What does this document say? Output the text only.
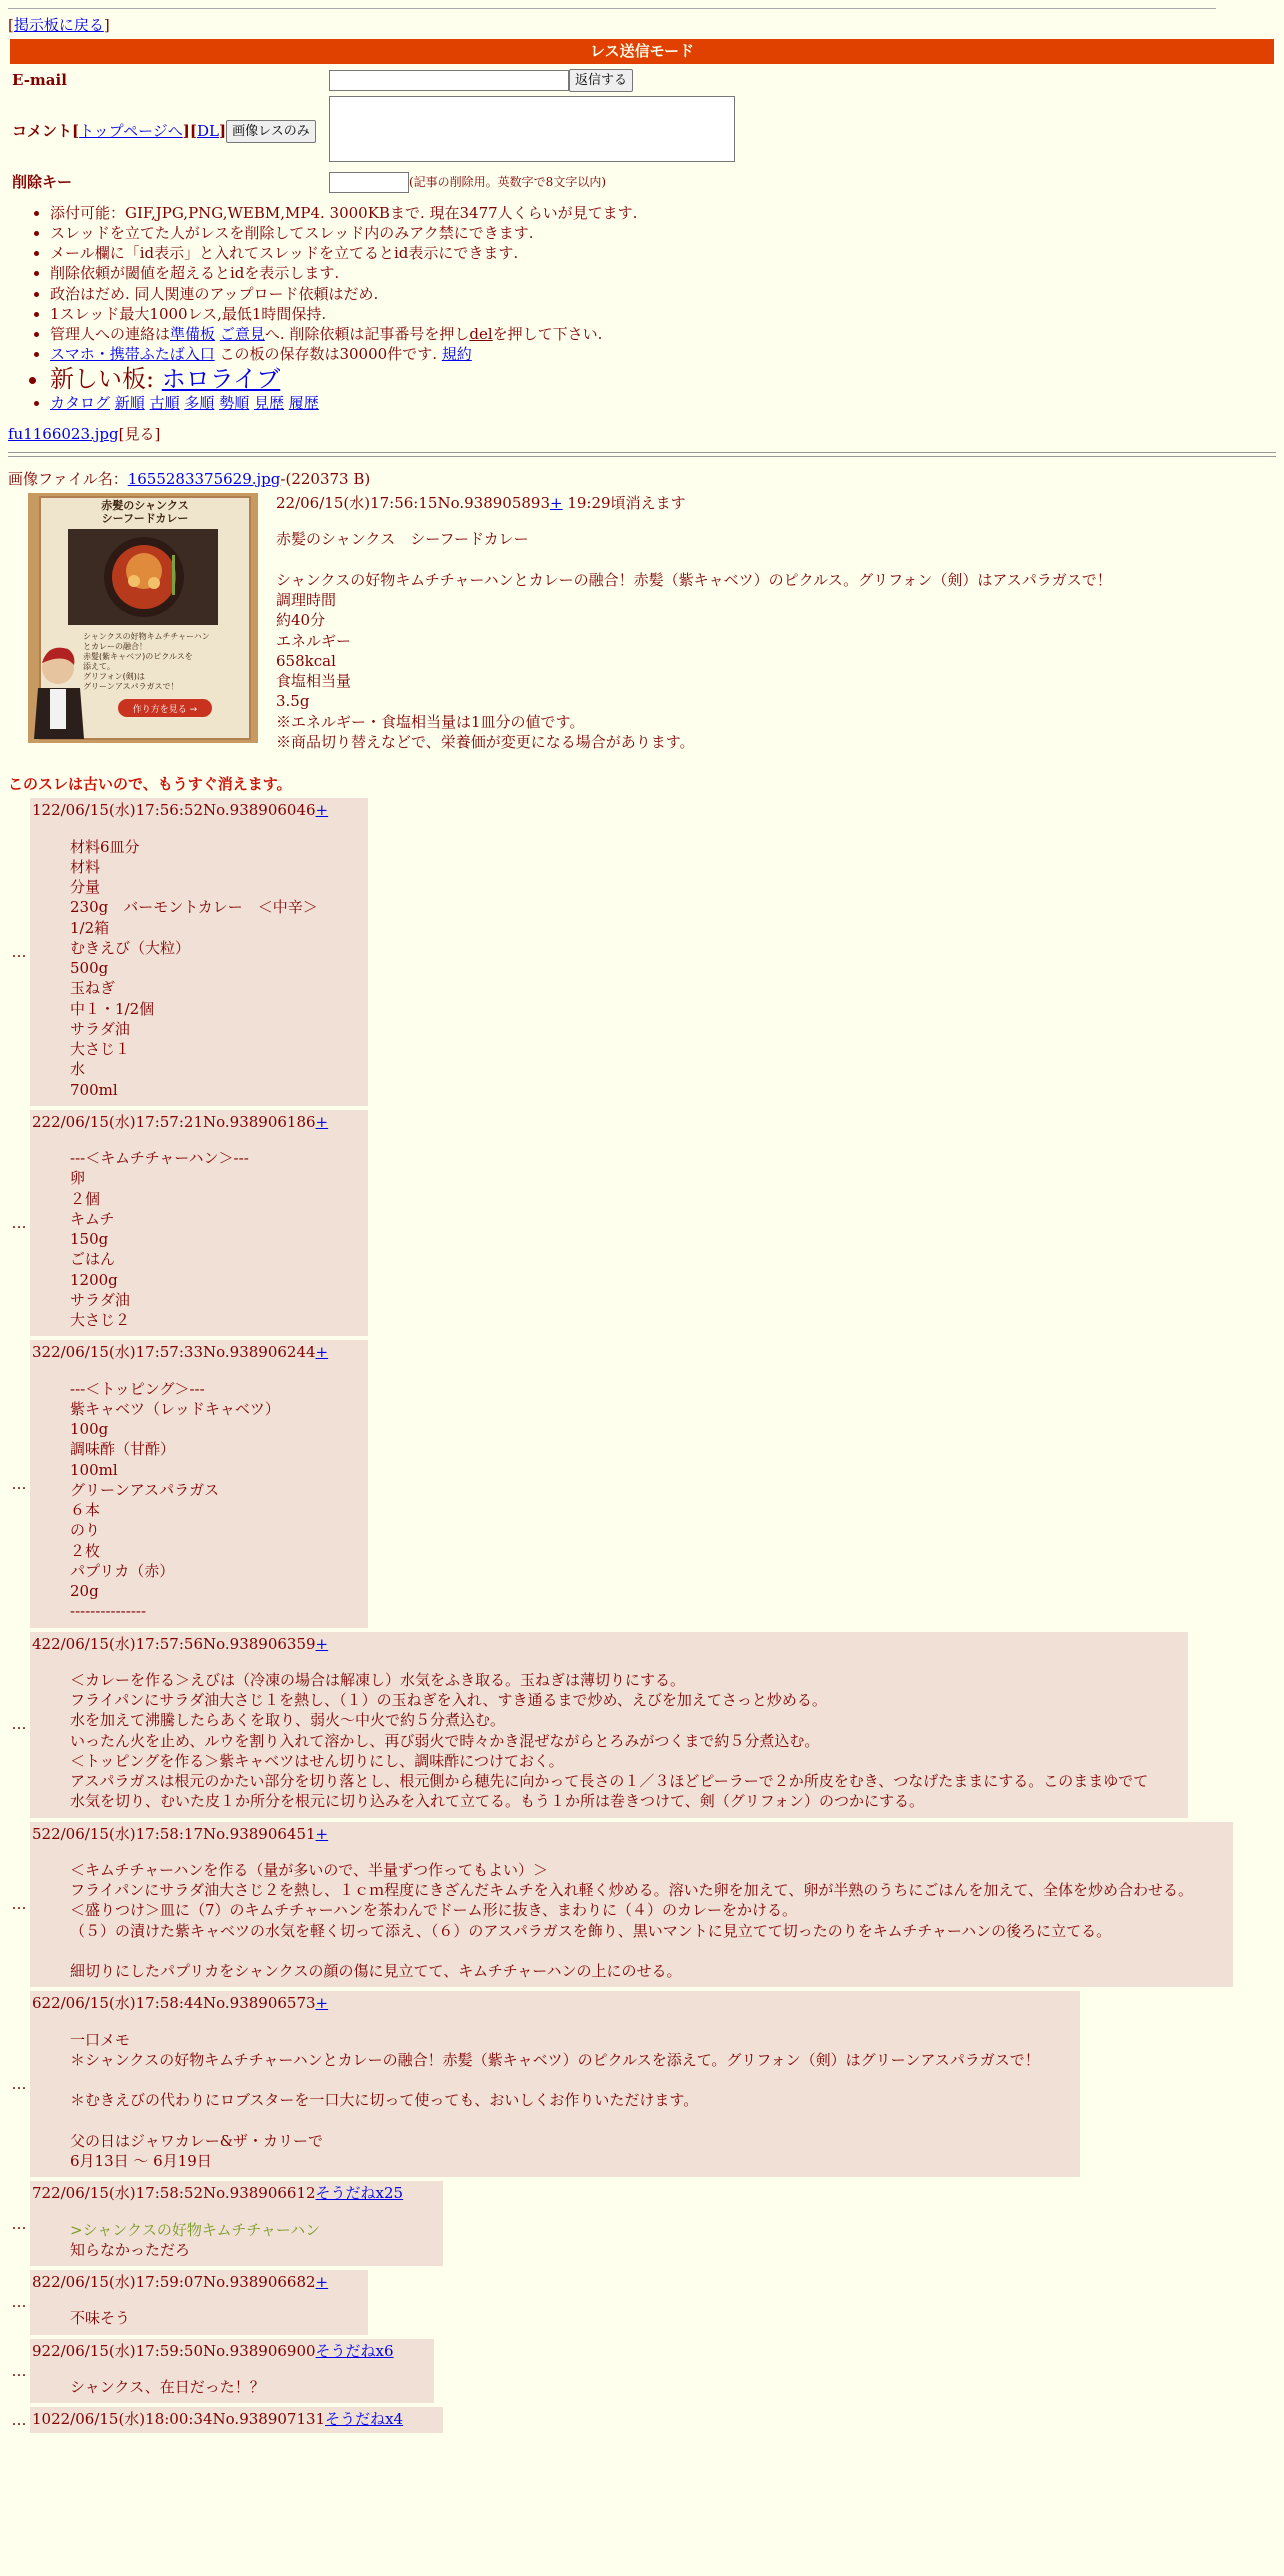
[掲示板に戻る]
レス送信モード
E-mail	返信する
コメント[トップページへ][DL] 画像レスのみ	
削除キー	(記事の削除用。英数字で8文字以内)
• 添付可能：GIF,JPG,PNG,WEBM,MP4. 3000KBまで. 現在3477人くらいが見てます.
• スレッドを立てた人がレスを削除してスレッド内のみアク禁にできます.
• メール欄に「id表示」と入れてスレッドを立てるとid表示にできます.
• 削除依頼が閾値を超えるとidを表示します.
• 政治はだめ. 同人関連のアップロード依頼はだめ.
• 1スレッド最大1000レス,最低1時間保持.
• 管理人への連絡は準備板 ご意見へ. 削除依頼は記事番号を押しdelを押して下さい.
• スマホ・携帯ふたば入口 この板の保存数は30000件です. 規約
• 新しい板: ホロライブ
• カタログ 新順 古順 多順 勢順 見歴 履歴
fu1166023.jpg[見る]
画像ファイル名：1655283375629.jpg-(220373 B)
赤髪のシャンクス
シーフードカレー
シャンクスの好物キムチチャーハン
とカレーの融合！
赤髪(紫キャベツ)のピクルスを
添えて。
グリフォン(剣)は
グリーンアスパラガスで！
作り方を見る →
22/06/15(水)17:56:15No.938905893+ 19:29頃消えます
赤髪のシャンクス　シーフードカレー

シャンクスの好物キムチチャーハンとカレーの融合！赤髪（紫キャベツ）のピクルス。グリフォン（剣）はアスパラガスで！
調理時間
約40分
エネルギー
658kcal
食塩相当量
3.5g
※エネルギー・食塩相当量は1皿分の値です。
※商品切り替えなどで、栄養価が変更になる場合があります。
このスレは古いので、もうすぐ消えます。
…
122/06/15(水)17:56:52No.938906046+
材料6皿分
材料
分量
230g　バーモントカレー　＜中辛＞
1/2箱
むきえび（大粒）
500g
玉ねぎ
中１・1/2個
サラダ油
大さじ１
水
700ml
…
222/06/15(水)17:57:21No.938906186+
---＜キムチチャーハン＞---
卵
２個
キムチ
150g
ごはん
1200g
サラダ油
大さじ２
…
322/06/15(水)17:57:33No.938906244+
---＜トッピング＞---
紫キャベツ（レッドキャベツ）
100g
調味酢（甘酢）
100ml
グリーンアスパラガス
６本
のり
２枚
パプリカ（赤）
20g
---------------
…
422/06/15(水)17:57:56No.938906359+
＜カレーを作る＞えびは（冷凍の場合は解凍し）水気をふき取る。玉ねぎは薄切りにする。
フライパンにサラダ油大さじ１を熱し、（１）の玉ねぎを入れ、すき通るまで炒め、えびを加えてさっと炒める。
水を加えて沸騰したらあくを取り、弱火～中火で約５分煮込む。
いったん火を止め、ルウを割り入れて溶かし、再び弱火で時々かき混ぜながらとろみがつくまで約５分煮込む。
＜トッピングを作る＞紫キャベツはせん切りにし、調味酢につけておく。
アスパラガスは根元のかたい部分を切り落とし、根元側から穂先に向かって長さの１／３ほどピーラーで２か所皮をむき、つなげたままにする。このままゆでて
水気を切り、むいた皮１か所分を根元に切り込みを入れて立てる。もう１か所は巻きつけて、剣（グリフォン）のつかにする。
…
522/06/15(水)17:58:17No.938906451+
＜キムチチャーハンを作る（量が多いので、半量ずつ作ってもよい）＞
フライパンにサラダ油大さじ２を熱し、１ｃｍ程度にきざんだキムチを入れ軽く炒める。溶いた卵を加えて、卵が半熟のうちにごはんを加えて、全体を炒め合わせる。
＜盛りつけ＞皿に（7）のキムチチャーハンを茶わんでドーム形に抜き、まわりに（４）のカレーをかける。
（５）の漬けた紫キャベツの水気を軽く切って添え、（６）のアスパラガスを飾り、黒いマントに見立てて切ったのりをキムチチャーハンの後ろに立てる。

細切りにしたパプリカをシャンクスの顔の傷に見立てて、キムチチャーハンの上にのせる。
…
622/06/15(水)17:58:44No.938906573+
一口メモ
＊シャンクスの好物キムチチャーハンとカレーの融合！赤髪（紫キャベツ）のピクルスを添えて。グリフォン（剣）はグリーンアスパラガスで！

＊むきえびの代わりにロブスターを一口大に切って使っても、おいしくお作りいただけます。

父の日はジャワカレー&ザ・カリーで
6月13日 ～ 6月19日
…
722/06/15(水)17:58:52No.938906612そうだねx25
>シャンクスの好物キムチチャーハン
知らなかっただろ
…
822/06/15(水)17:59:07No.938906682+
不味そう
…
922/06/15(水)17:59:50No.938906900そうだねx6
シャンクス、在日だった！？
… 1022/06/15(水)18:00:34No.938907131そうだねx4
